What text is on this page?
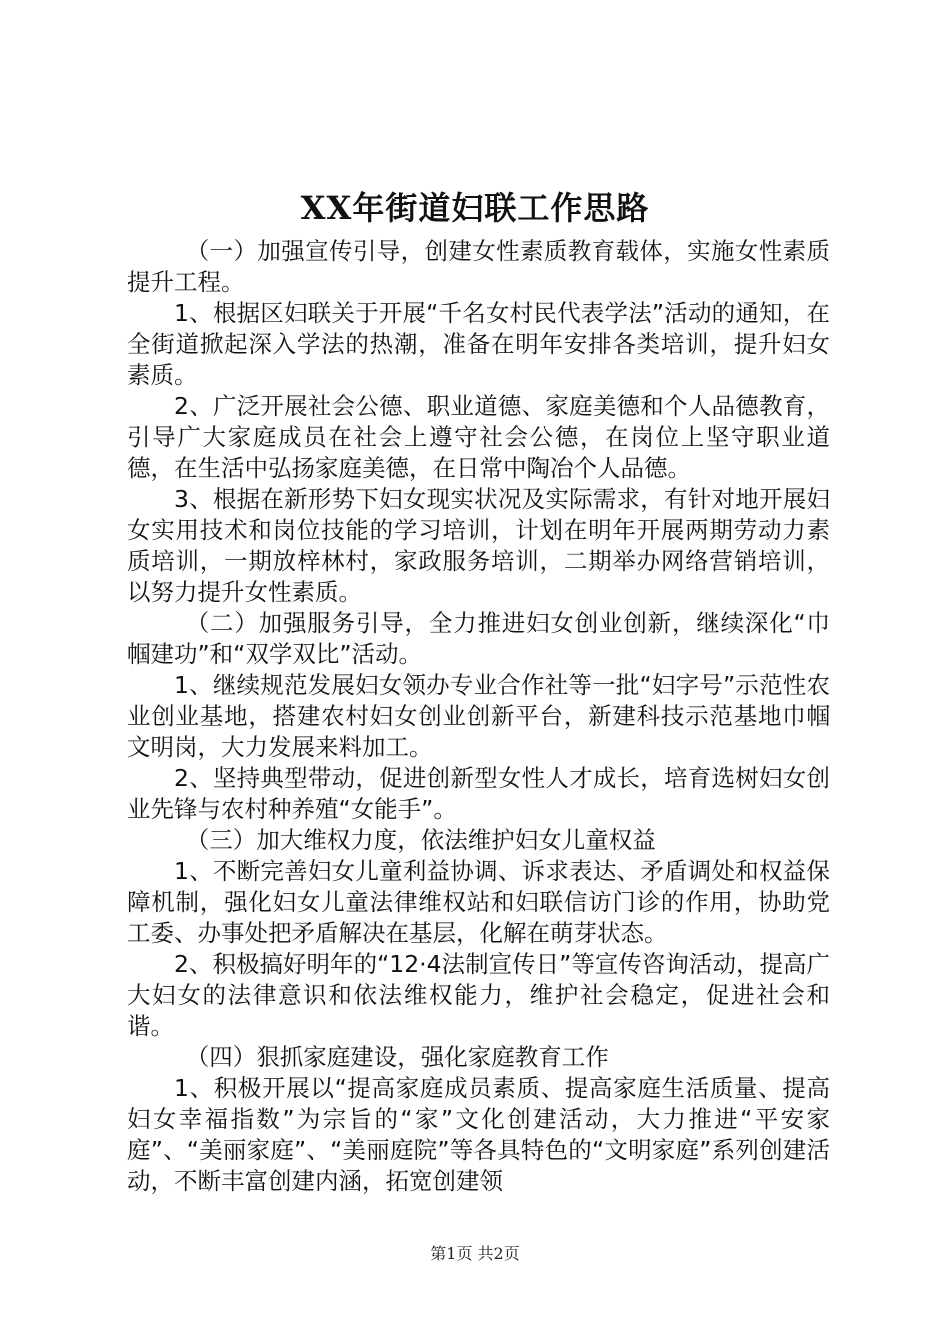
XX年街道妇联工作思路

（一）加强宣传引导，创建女性素质教育载体，实施女性素质提升工程。

1、根据区妇联关于开展“千名女村民代表学法”活动的通知，在全街道掀起深入学法的热潮，准备在明年安排各类培训，提升妇女素质。

2、广泛开展社会公德、职业道德、家庭美德和个人品德教育，引导广大家庭成员在社会上遵守社会公德，在岗位上坚守职业道德，在生活中弘扬家庭美德，在日常中陶冶个人品德。

3、根据在新形势下妇女现实状况及实际需求，有针对地开展妇女实用技术和岗位技能的学习培训，计划在明年开展两期劳动力素质培训，一期放梓林村，家政服务培训，二期举办网络营销培训，以努力提升女性素质。

（二）加强服务引导，全力推进妇女创业创新，继续深化“巾帼建功”和“双学双比”活动。

1、继续规范发展妇女领办专业合作社等一批“妇字号”示范性农业创业基地，搭建农村妇女创业创新平台，新建科技示范基地巾帼文明岗，大力发展来料加工。

2、坚持典型带动，促进创新型女性人才成长，培育选树妇女创业先锋与农村种养殖“女能手”。

（三）加大维权力度，依法维护妇女儿童权益

1、不断完善妇女儿童利益协调、诉求表达、矛盾调处和权益保障机制，强化妇女儿童法律维权站和妇联信访门诊的作用，协助党工委、办事处把矛盾解决在基层，化解在萌芽状态。

2、积极搞好明年的“12·4法制宣传日”等宣传咨询活动，提高广大妇女的法律意识和依法维权能力，维护社会稳定，促进社会和谐。

（四）狠抓家庭建设，强化家庭教育工作

1、积极开展以“提高家庭成员素质、提高家庭生活质量、提高妇女幸福指数”为宗旨的“家”文化创建活动，大力推进“平安家庭”、“美丽家庭”、“美丽庭院”等各具特色的“文明家庭”系列创建活动，不断丰富创建内涵，拓宽创建领

第1页 共2页
